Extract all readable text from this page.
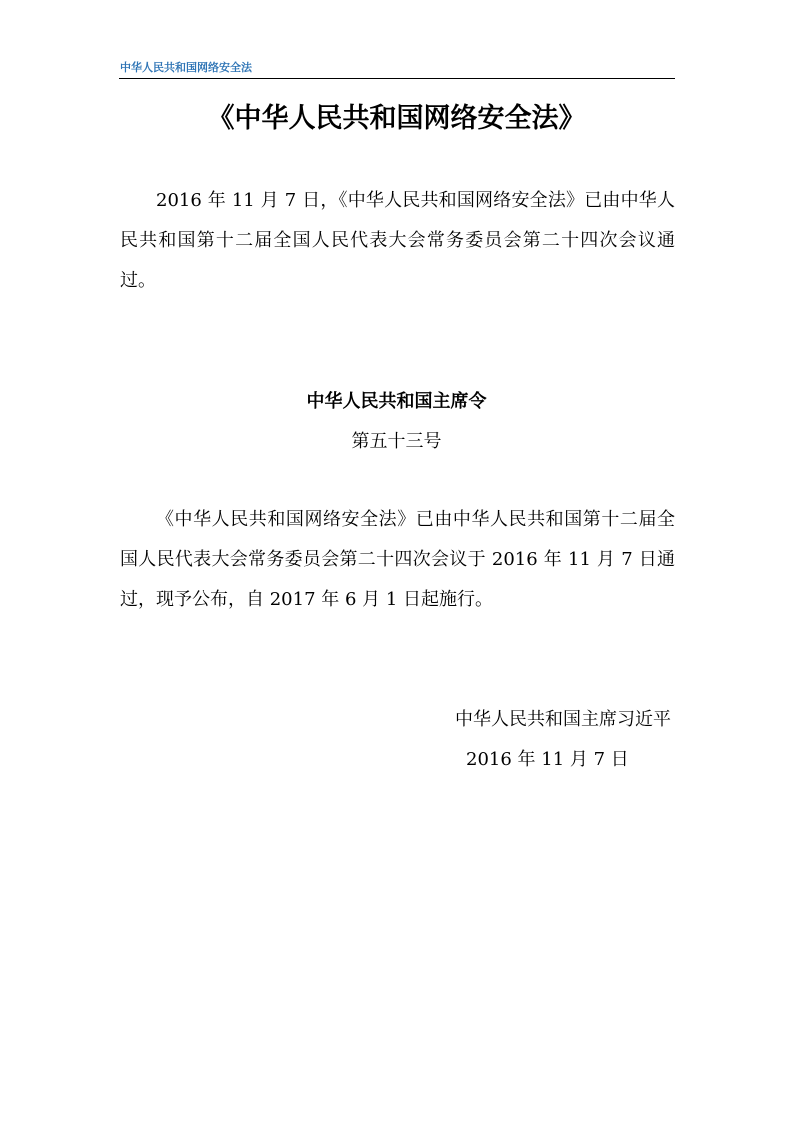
中华人民共和国网络安全法
《中华人民共和国网络安全法》

2016 年 11 月 7 日，《中华人民共和国网络安全法》已由中华人民共和国第十二届全国人民代表大会常务委员会第二十四次会议通过。

中华人民共和国主席令
第五十三号

《中华人民共和国网络安全法》已由中华人民共和国第十二届全国人民代表大会常务委员会第二十四次会议于 2016 年 11 月 7 日通过，现予公布，自 2017 年 6 月 1 日起施行。

中华人民共和国主席习近平
2016 年 11 月 7 日
